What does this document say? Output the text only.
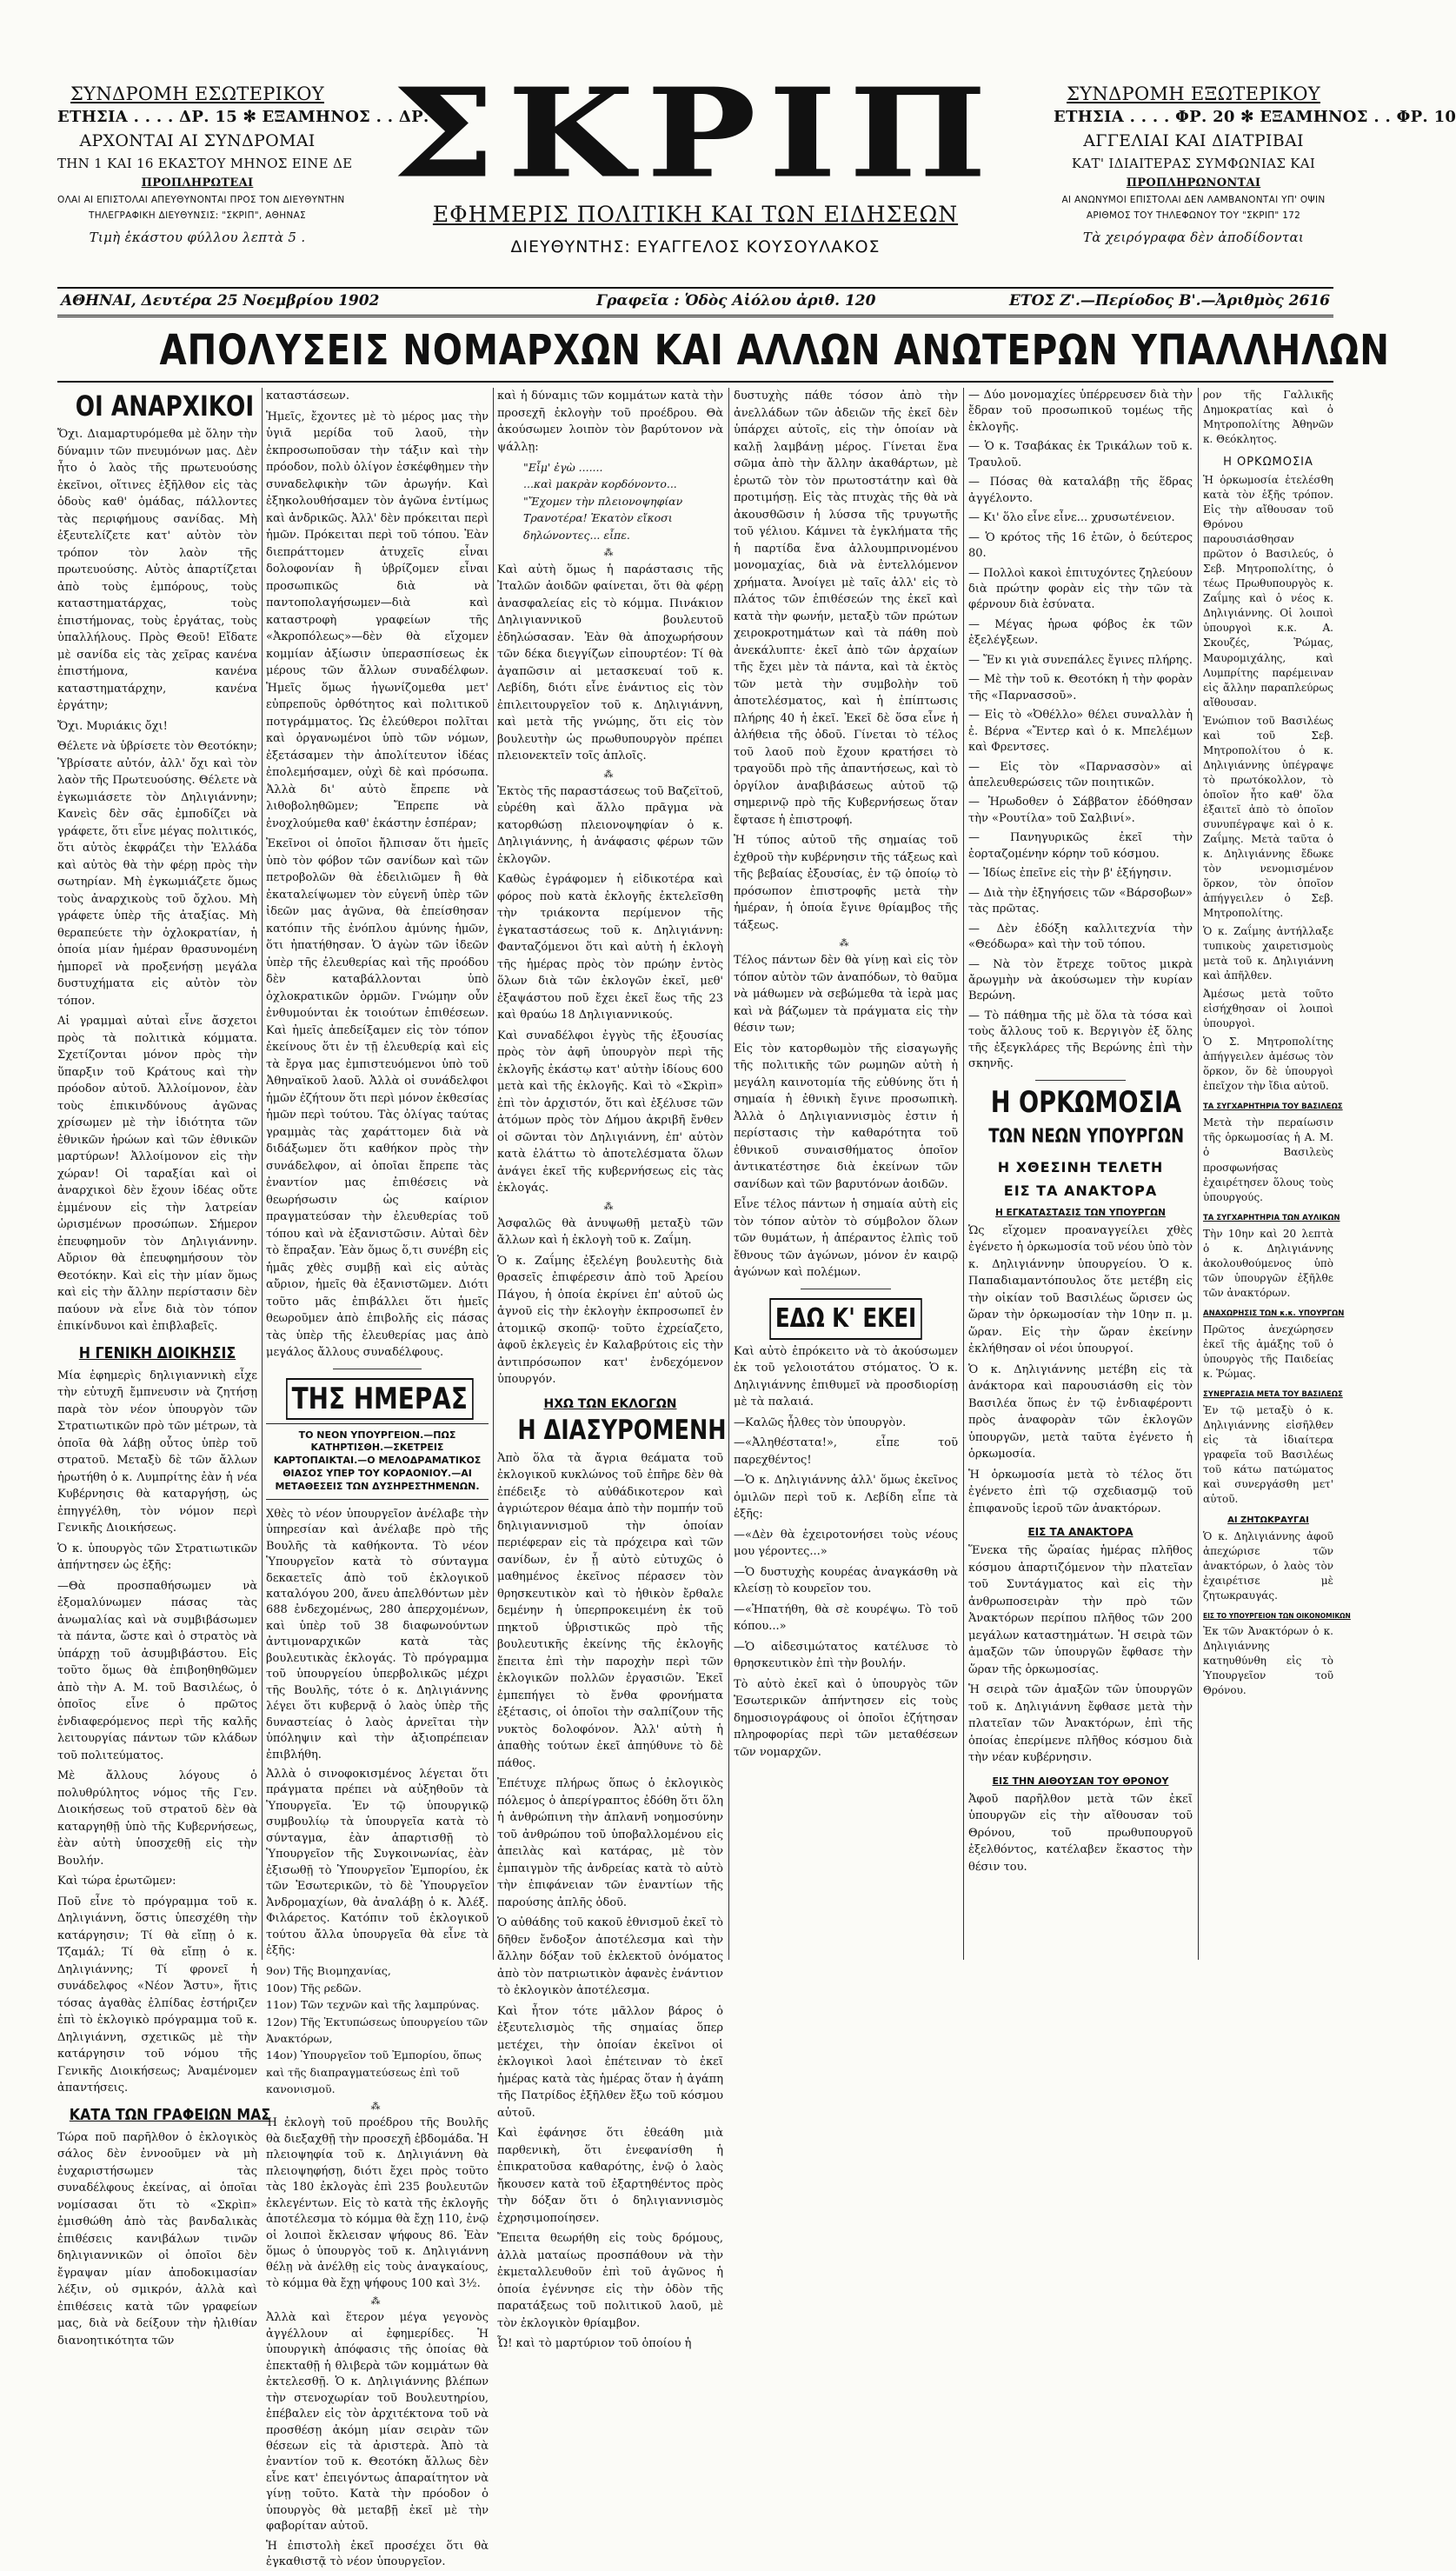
ΣΥΝΔΡΟΜΗ ΕΣΩΤΕΡΙΚΟΥ
ΕΤΗΣΙΑ . . . . ΔΡ. 15 ✻ ΕΞΑΜΗΝΟΣ . . ΔΡ. 8
ΑΡΧΟΝΤΑΙ ΑΙ ΣΥΝΔΡΟΜΑΙ
ΤΗΝ 1 ΚΑΙ 16 ΕΚΑΣΤΟΥ ΜΗΝΟΣ ΕΙΝΕ ΔΕ
ΠΡΟΠΛΗΡΩΤΕΑΙ
ΟΛΑΙ ΑΙ ΕΠΙΣΤΟΛΑΙ ΑΠΕΥΘΥΝΟΝΤΑΙ ΠΡΟΣ ΤΟΝ ΔΙΕΥΘΥΝΤΗΝ
ΤΗΛΕΓΡΑΦΙΚΗ ΔΙΕΥΘΥΝΣΙΣ: "ΣΚΡΙΠ", ΑΘΗΝΑΣ
Τιμὴ ἑκάστου φύλλου λεπτὰ 5 .
ΣΚΡΙΠ
ΕΦΗΜΕΡΙΣ ΠΟΛΙΤΙΚΗ ΚΑΙ ΤΩΝ ΕΙΔΗΣΕΩΝ
ΔΙΕΥΘΥΝΤΗΣ: ΕΥΑΓΓΕΛΟΣ ΚΟΥΣΟΥΛΑΚΟΣ
ΣΥΝΔΡΟΜΗ ΕΞΩΤΕΡΙΚΟΥ
ΕΤΗΣΙΑ . . . . ΦΡ. 20 ✻ ΕΞΑΜΗΝΟΣ . . ΦΡ. 10
ΑΓΓΕΛΙΑΙ ΚΑΙ ΔΙΑΤΡΙΒΑΙ
ΚΑΤ' ΙΔΙΑΙΤΕΡΑΣ ΣΥΜΦΩΝΙΑΣ ΚΑΙ
ΠΡΟΠΛΗΡΩΝΟΝΤΑΙ
ΑΙ ΑΝΩΝΥΜΟΙ ΕΠΙΣΤΟΛΑΙ ΔΕΝ ΛΑΜΒΑΝΟΝΤΑΙ ΥΠ' ΟΨΙΝ
ΑΡΙΘΜΟΣ ΤΟΥ ΤΗΛΕΦΩΝΟΥ ΤΟΥ "ΣΚΡΙΠ" 172
Τὰ χειρόγραφα δὲν ἀποδίδονται
ΑΘΗΝΑΙ, Δευτέρα 25 Νοεμβρίου 1902	Γραφεῖα : Ὁδὸς Αἰόλου ἀριθ. 120	ΕΤΟΣ Ζ'.—Περίοδος Β'.—Ἀριθμὸς 2616
ΑΠΟΛΥΣΕΙΣ ΝΟΜΑΡΧΩΝ ΚΑΙ ΑΛΛΩΝ ΑΝΩΤΕΡΩΝ ΥΠΑΛΛΗΛΩΝ
ΟΙ ΑΝΑΡΧΙΚΟΙ

Ὄχι. Διαμαρτυρόμεθα μὲ ὅλην τὴν δύναμιν τῶν πνευμόνων μας. Δὲν ἦτο ὁ λαὸς τῆς πρωτευούσης ἐκεῖνοι, οἵτινες ἐξῆλθον εἰς τὰς ὁδοὺς καθ' ὁμάδας, πάλλοντες τὰς περιφήμους σανίδας. Μὴ ἐξευτελίζετε κατ' αὐτὸν τὸν τρόπον τὸν λαὸν τῆς πρωτευούσης. Αὐτὸς ἀπαρτίζεται ἀπὸ τοὺς ἐμπόρους, τοὺς καταστηματάρχας, τοὺς ἐπιστήμονας, τοὺς ἐργάτας, τοὺς ὑπαλλήλους. Πρὸς Θεοῦ! Εἴδατε μὲ σανίδα εἰς τὰς χεῖρας κανένα ἐπιστήμονα, κανένα καταστηματάρχην, κανένα ἐργάτην;

Ὄχι. Μυριάκις ὄχι!

Θέλετε νὰ ὑβρίσετε τὸν Θεοτόκην; Ὑβρίσατε αὐτόν, ἀλλ' ὄχι καὶ τὸν λαὸν τῆς Πρωτευούσης. Θέλετε νὰ ἐγκωμιάσετε τὸν Δηλιγιάννην; Κανεὶς δὲν σᾶς ἐμποδίζει νὰ γράφετε, ὅτι εἶνε μέγας πολιτικός, ὅτι αὐτὸς ἐκφράζει τὴν Ἑλλάδα καὶ αὐτὸς θὰ τὴν φέρῃ πρὸς τὴν σωτηρίαν. Μὴ ἐγκωμιάζετε ὅμως τοὺς ἀναρχικοὺς τοῦ ὄχλου. Μὴ γράφετε ὑπὲρ τῆς ἀταξίας. Μὴ θεραπεύετε τὴν ὀχλοκρατίαν, ἡ ὁποία μίαν ἡμέραν θρασυνομένη ἠμπορεῖ νὰ προξενήσῃ μεγάλα δυστυχήματα εἰς αὐτὸν τὸν τόπον.

Αἱ γραμμαὶ αὐταὶ εἶνε ἄσχετοι πρὸς τὰ πολιτικὰ κόμματα. Σχετίζονται μόνον πρὸς τὴν ὕπαρξιν τοῦ Κράτους καὶ τὴν πρόοδον αὐτοῦ. Ἀλλοίμονον, ἐὰν τοὺς ἐπικινδύνους ἀγῶνας χρίσωμεν μὲ τὴν ἰδιότητα τῶν ἐθνικῶν ἡρώων καὶ τῶν ἐθνικῶν μαρτύρων! Ἀλλοίμονον εἰς τὴν χώραν! Οἱ ταραξίαι καὶ οἱ ἀναρχικοὶ δὲν ἔχουν ἰδέας οὔτε ἐμμένουν εἰς τὴν λατρείαν ὡρισμένων προσώπων. Σήμερον ἐπευφημοῦν τὸν Δηλιγιάννην. Αὔριον θὰ ἐπευφημήσουν τὸν Θεοτόκην. Καὶ εἰς τὴν μίαν ὅμως καὶ εἰς τὴν ἄλλην περίστασιν δὲν παύουν νὰ εἶνε διὰ τὸν τόπον ἐπικίνδυνοι καὶ ἐπιβλαβεῖς.

Η ΓΕΝΙΚΗ ΔΙΟΙΚΗΣΙΣ

Μία ἐφημερὶς δηλιγιαννικὴ εἶχε τὴν εὐτυχῆ ἔμπνευσιν νὰ ζητήσῃ παρὰ τὸν νέον ὑπουργὸν τῶν Στρατιωτικῶν πρὸ τῶν μέτρων, τὰ ὁποῖα θὰ λάβῃ οὗτος ὑπὲρ τοῦ στρατοῦ. Μεταξὺ δὲ τῶν ἄλλων ἠρωτήθη ὁ κ. Λυμπρίτης ἐὰν ἡ νέα Κυβέρνησις θὰ καταργήσῃ, ὡς ἐπηγγέλθη, τὸν νόμον περὶ Γενικῆς Διοικήσεως.

Ὁ κ. ὑπουργὸς τῶν Στρατιωτικῶν ἀπήντησεν ὡς ἑξῆς:

—Θὰ προσπαθήσωμεν νὰ ἐξομαλύνωμεν πάσας τὰς ἀνωμαλίας καὶ νὰ συμβιβάσωμεν τὰ πάντα, ὥστε καὶ ὁ στρατὸς νὰ ὑπάρχῃ τοῦ ἀσυμβιβάστου. Εἰς τοῦτο ὅμως θὰ ἐπιβοηθηθῶμεν ἀπὸ τὴν Α. Μ. τοῦ Βασιλέως, ὁ ὁποῖος εἶνε ὁ πρῶτος ἐνδιαφερόμενος περὶ τῆς καλῆς λειτουργίας πάντων τῶν κλάδων τοῦ πολιτεύματος.

Μὲ ἄλλους λόγους ὁ πολυθρύλητος νόμος τῆς Γεν. Διοικήσεως τοῦ στρατοῦ δὲν θὰ καταργηθῇ ὑπὸ τῆς Κυβερνήσεως, ἐὰν αὐτὴ ὑποσχεθῇ εἰς τὴν Βουλήν.

Καὶ τώρα ἐρωτῶμεν:

Ποῦ εἶνε τὸ πρόγραμμα τοῦ κ. Δηλιγιάννη, ὅστις ὑπεσχέθη τὴν κατάργησιν; Τί θὰ εἴπῃ ὁ κ. Τζαμάλ; Τί θὰ εἴπῃ ὁ κ. Δηλιγιάννης; Τί φρονεῖ ἡ συνάδελφος «Νέον Ἄστυ», ἥτις τόσας ἀγαθὰς ἐλπίδας ἐστήριζεν ἐπὶ τὸ ἐκλογικὸ πρόγραμμα τοῦ κ. Δηλιγιάννη, σχετικῶς μὲ τὴν κατάργησιν τοῦ νόμου τῆς Γενικῆς Διοικήσεως; Ἀναμένομεν ἀπαντήσεις.

ΚΑΤΑ ΤΩΝ ΓΡΑΦΕΙΩΝ ΜΑΣ

Τώρα ποῦ παρῆλθον ὁ ἐκλογικὸς σάλος δὲν ἐννοοῦμεν νὰ μὴ ἐυχαριστήσωμεν τὰς συναδέλφους ἐκείνας, αἱ ὁποῖαι νομίσασαι ὅτι τὸ «Σκρὶπ» ἐμισθώθη ἀπὸ τὰς βανδαλικὰς ἐπιθέσεις κανιβάλων τινῶν δηλιγιαννικῶν οἱ ὁποῖοι δὲν ἔγραψαν μίαν ἀποδοκιμασίαν λέξιν, οὐ σμικρόν, ἀλλὰ καὶ ἐπιθέσεις κατὰ τῶν γραφείων μας, διὰ νὰ δείξουν τὴν ἠλιθίαν διανοητικότητα τῶν

καταστάσεων.

Ἡμεῖς, ἔχοντες μὲ τὸ μέρος μας τὴν ὑγιᾶ μερίδα τοῦ λαοῦ, τὴν ἐκπροσωποῦσαν τὴν τάξιν καὶ τὴν πρόοδον, πολὺ ὀλίγον ἐσκέφθημεν τὴν συναδελφικὴν τῶν ἀρωγήν. Καὶ ἐξηκολουθήσαμεν τὸν ἀγῶνα ἐντίμως καὶ ἀνδρικῶς. Ἀλλ' δὲν πρόκειται περὶ ἡμῶν. Πρόκειται περὶ τοῦ τόπου. Ἐὰν διεπράττομεν ἀτυχεῖς εἶναι δολοφονίαν ἢ ὑβρίζομεν εἶναι προσωπικῶς διὰ νὰ παντοπολαγήσωμεν—διὰ καὶ καταστροφὴ γραφείων τῆς «Ἀκροπόλεως»—δὲν θὰ εἴχομεν κομμίαν ἀξίωσιν ὑπερασπίσεως ἐκ μέρους τῶν ἄλλων συναδέλφων. Ἡμεῖς ὅμως ἠγωνίζομεθα μετ' εὐπρεποῦς ὀρθότητος καὶ πολιτικοῦ ποτγράμματος. Ὡς ἐλεύθεροι πολῖται καὶ ὀργανωμένοι ὑπὸ τῶν νόμων, ἐξετάσαμεν τὴν ἀπολίτευτον ἰδέας ἐπολεμήσαμεν, οὐχὶ δὲ καὶ πρόσωπα. Ἀλλὰ δι' αὐτὸ ἔπρεπε νὰ λιθοβοληθῶμεν; Ἔπρεπε νὰ ἐνοχλούμεθα καθ' ἑκάστην ἑσπέραν;

Ἐκεῖνοι οἱ ὁποῖοι ἤλπισαν ὅτι ἡμεῖς ὑπὸ τὸν φόβον τῶν σανίδων καὶ τῶν πετροβολῶν θὰ ἐδειλιῶμεν ἢ θὰ ἐκαταλείψωμεν τὸν εὐγενῆ ὑπὲρ τῶν ἰδεῶν μας ἀγῶνα, θὰ ἐπείσθησαν κατόπιν τῆς ἐνόπλου ἀμύνης ἡμῶν, ὅτι ἠπατήθησαν. Ὁ ἀγὼν τῶν ἰδεῶν ὑπὲρ τῆς ἐλευθερίας καὶ τῆς προόδου δὲν καταβάλλονται ὑπὸ ὀχλοκρατικῶν ὁρμῶν. Γνώμην οὖν ἐνθυμούνται ἐκ τοιούτων ἐπιθέσεων. Καὶ ἠμεῖς ἀπεδείξαμεν εἰς τὸν τόπον ἐκείνους ὅτι ἐν τῇ ἐλευθερίᾳ καὶ εἰς τὰ ἔργα μας ἐμπιστευόμενοι ὑπὸ τοῦ Ἀθηναϊκοῦ λαοῦ. Ἀλλὰ οἱ συνάδελφοι ἡμῶν ἐζήτουν ὅτι περὶ μόνον ἐκθεσίας ἡμῶν περὶ τούτου. Τὰς ὀλίγας ταύτας γραμμὰς τὰς χαράττομεν διὰ νὰ διδάξωμεν ὅτι καθήκον πρὸς τὴν συνάδελφον, αἱ ὁποῖαι ἔπρεπε τὰς ἐναντίον μας ἐπιθέσεις νὰ θεωρήσωσιν ὡς καίριον πραγματεύσαν τὴν ἐλευθερίας τοῦ τόπου καὶ νὰ ἐξανιστῶσιν. Αὐταὶ δὲν τὸ ἔπραξαν. Ἐὰν ὅμως ὅ,τι συνέβη εἰς ἡμᾶς χθὲς συμβῇ καὶ εἰς αὐτὰς αὔριον, ἡμεῖς θὰ ἐξανιστῶμεν. Διότι τοῦτο μᾶς ἐπιβάλλει ὅτι ἡμεῖς θεωροῦμεν ἀπὸ ἐπιβολῆς εἰς πάσας τὰς ὑπὲρ τῆς ἐλευθερίας μας ἀπὸ μεγάλος ἄλλους συναδέλφους.

ΤΗΣ ΗΜΕΡΑΣ
ΤΟ ΝΕΟΝ ΥΠΟΥΡΓΕΙΟΝ.—ΠΩΣ ΚΑΤΗΡΤΙΣΘΗ.—ΣΚΕΤΡΕΙΣ ΚΑΡΤΟΠΑΙΚΤΑΙ.—Ο ΜΕΛΟΔΡΑΜΑΤΙΚΟΣ ΘΙΑΣΟΣ ΥΠΕΡ ΤΟΥ ΚΟΡΑΟΝΙΟΥ.—ΑΙ ΜΕΤΑΘΕΣΕΙΣ ΤΩΝ ΔΥΣΗΡΕΣΤΗΜΕΝΩΝ.

Χθὲς τὸ νέον ὑπουργεῖον ἀνέλαβε τὴν ὑπηρεσίαν καὶ ἀνέλαβε πρὸ τῆς Βουλῆς τὰ καθήκοντα. Τὸ νέον Ὑπουργεῖον κατὰ τὸ σύνταγμα δεκαετεῖς ἀπὸ τοῦ ἐκλογικοῦ καταλόγου 200, ἄνευ ἀπελθόντων μὲν 688 ἐνδεχομένως, 280 ἀπερχομένων, καὶ ὑπὲρ τοῦ 38 διαφωνούντων ἀντιμοναρχικῶν κατὰ τὰς βουλευτικὰς ἐκλογάς. Τὸ πρόγραμμα τοῦ ὑπουργείου ὑπερβολικῶς μέχρι τῆς Βουλῆς, τότε ὁ κ. Δηλιγιάννης λέγει ὅτι κυβερνᾷ ὁ λαὸς ὑπὲρ τῆς δυναστείας ὁ λαὸς ἀρνεῖται τὴν ὑπόληψιν καὶ τὴν ἀξιοπρέπειαν ἐπιβλήθη.

Ἀλλὰ ὁ σινοφοκισμένος λέγεται ὅτι πράγματα πρέπει νὰ αὐξηθοῦν τὰ Ὑπουργεῖα. Ἐν τῷ ὑπουργικῷ συμβουλίῳ τὰ ὑπουργεῖα κατὰ τὸ σύνταγμα, ἐὰν ἀπαρτισθῇ τὸ Ὑπουργεῖον τῆς Συγκοινωνίας, ἐὰν ἐξισωθῇ τὸ Ὑπουργεῖον Ἐμπορίου, ἐκ τῶν Ἐσωτερικῶν, τὸ δὲ Ὑπουργεῖον Ἀνδρομαχίων, θὰ ἀναλάβῃ ὁ κ. Ἀλέξ. Φιλάρετος. Κατόπιν τοῦ ἐκλογικοῦ τούτου ἄλλα ὑπουργεῖα θὰ εἶνε τὰ ἑξῆς:

9ον) Τῆς Βιομηχανίας,

10ον) Τῆς ρεδῶν.

11ον) Τῶν τεχνῶν καὶ τῆς λαμπρύνας.

12ον) Τῆς Ἐκτυπώσεως ὑπουργείου τῶν Ἀνακτόρων,

14ον) Ὑπουργεῖον τοῦ Ἐμπορίου, ὅπως καὶ τῆς διαπραγματεύσεως ἐπὶ τοῦ κανονισμοῦ.

⁂

Ἡ ἐκλογὴ τοῦ προέδρου τῆς Βουλῆς θὰ διεξαχθῇ τὴν προσεχῆ ἑβδομάδα. Ἡ πλειοψηφία τοῦ κ. Δηλιγιάννη θὰ πλειοψηφήσῃ, διότι ἔχει πρὸς τοῦτο τὰς 180 ἐκλογὰς ἐπὶ 235 βουλευτῶν ἐκλεγέντων. Εἰς τὸ κατὰ τῆς ἐκλογῆς ἀποτέλεσμα τὸ κόμμα θὰ ἔχῃ 110, ἐνῷ οἱ λοιποὶ ἔκλεισαν ψήφους 86. Ἐὰν ὅμως ὁ ὑπουργὸς τοῦ κ. Δηλιγιάννη θέλῃ νὰ ἀνέλθῃ εἰς τοὺς ἀναγκαίους, τὸ κόμμα θὰ ἔχῃ ψήφους 100 καὶ 3½.

⁂

Ἀλλὰ καὶ ἕτερον μέγα γεγονὸς ἀγγέλλουν αἱ ἐφημερίδες. Ἡ ὑπουργικὴ ἀπόφασις τῆς ὁποίας θὰ ἐπεκταθῇ ἡ θλιβερὰ τῶν κομμάτων θὰ ἐκτελεσθῇ. Ὁ κ. Δηλιγιάννης βλέπων τὴν στενοχωρίαν τοῦ Βουλευτηρίου, ἐπέβαλεν εἰς τὸν ἀρχιτέκτονα τοῦ νὰ προσθέσῃ ἀκόμη μίαν σειρὰν τῶν θέσεων εἰς τὰ ἀριστερὰ. Ἀπὸ τὰ ἐναντίον τοῦ κ. Θεοτόκη ἄλλως δὲν εἶνε κατ' ἐπειγόντως ἀπαραίτητον νὰ γίνῃ τοῦτο. Κατὰ τὴν πρόοδον ὁ ὑπουργὸς θὰ μεταβῇ ἐκεῖ μὲ τὴν φαβορίταν αὐτοῦ.

Ἡ ἐπιστολὴ ἐκεῖ προσέχει ὅτι θὰ ἐγκαθιστᾷ τὸ νέον ὑπουργεῖον.

καὶ ἡ δύναμις τῶν κομμάτων κατὰ τὴν προσεχῆ ἐκλογὴν τοῦ προέδρου. Θὰ ἀκούσωμεν λοιπὸν τὸν βαρύτονον νὰ ψάλλῃ:

"Εἶμ' ἐγὼ .......

...καὶ μακρὰν κορδόνοντο...

"Ἔχομεν τὴν πλειονοψηφίαν

Τρανοτέρα! Ἑκατὸν εἴκοσι

δηλώνοντες... εἶπε.

⁂

Καὶ αὐτὴ ὅμως ἡ παράστασις τῆς Ἰταλῶν ἀοιδῶν φαίνεται, ὅτι θὰ φέρῃ ἀνασφαλείας εἰς τὸ κόμμα. Πινάκιον Δηλιγιαννικοῦ βουλευτοῦ ἐδηλώσασαν. Ἐὰν θὰ ἀποχωρήσουν τῶν δέκα διεγγίζων εἰπουρτέον: Τί θὰ ἀγαπῶσιν αἱ μετασκευαί τοῦ κ. Λεβίδη, διότι εἶνε ἐνάντιος εἰς τὸν ἐπιλειτουργεῖον τοῦ κ. Δηλιγιάννη, καὶ μετὰ τῆς γνώμης, ὅτι εἰς τὸν βουλευτὴν ὡς πρωθυπουργὸν πρέπει πλειονεκτεῖν τοῖς ἁπλοῖς.

⁂

Ἐκτὸς τῆς παραστάσεως τοῦ Βαζεϊτοῦ, εὑρέθη καὶ ἄλλο πρᾶγμα νὰ κατορθώσῃ πλειονοψηφίαν ὁ κ. Δηλιγιάννης, ἡ ἀνάφασις φέρων τῶν ἐκλογῶν.

Καθὼς ἐγράφομεν ἡ εἰδικοτέρα καὶ φόρος ποὺ κατὰ ἐκλογῆς ἐκτελεῖσθη τὴν τριάκοντα περίμενον τῆς ἐγκαταστάσεως τοῦ κ. Δηλιγιάννη: Φανταζόμενοι ὅτι καὶ αὐτὴ ἡ ἐκλογὴ τῆς ἡμέρας πρὸς τὸν πρώην ἐντὸς ὅλων διὰ τῶν ἐκλογῶν ἐκεῖ, μεθ' ἐξαψάστου ποῦ ἔχει ἐκεῖ ἕως τῆς 23 καὶ θραύω 18 Δηλιγιαννικούς.

Καὶ συναδέλφοι ἐγγὺς τῆς ἐξουσίας πρὸς τὸν ἀφῆ ὑπουργὸν περὶ τῆς ἐκλογῆς ἐκάστῳ κατ' αὐτὴν ἰδίους 600 μετὰ καὶ τῆς ἐκλογῆς. Καὶ τὸ «Σκρὶπ» ἐπὶ τὸν ἀρχιστόν, ὅτι καὶ ἐξέλυσε τῶν ἀτόμων πρὸς τὸν Δήμου ἀκριβῆ ἔνθεν οἱ σῶνται τὸν Δηλιγιάννη, ἐπ' αὐτὸν κατὰ ἐλάττω τὸ ἀποτελέσματα ὅλων ἀνάγει ἐκεῖ τῆς κυβερνήσεως εἰς τὰς ἐκλογάς.

⁂

Ἀσφαλῶς θὰ ἀνυψωθῇ μεταξὺ τῶν ἄλλων καὶ ἡ ἐκλογὴ τοῦ κ. Ζαΐμη.

Ὁ κ. Ζαΐμης ἐξελέγη βουλευτὴς διὰ θρασεῖς ἐπιφέρεσιν ἀπὸ τοῦ Ἀρείου Πάγου, ἡ ὁποία ἐκρίνει ἐπ' αὐτοῦ ὡς ἁγνοῦ εἰς τὴν ἐκλογὴν ἐκπροσωπεῖ ἐν ἀτομικῷ σκοπῷ· τοῦτο ἐχρείαζετο, ἀφοῦ ἐκλεγεὶς ἐν Καλαβρύτοις εἰς τὴν ἀντιπρόσωπον κατ' ἐνδεχόμενον ὑπουργόν.

ΗΧΩ ΤΩΝ ΕΚΛΟΓΩΝ
Η ΔΙΑΣΥΡΟΜΕΝΗ

Ἀπὸ ὅλα τὰ ἄγρια θεάματα τοῦ ἐκλογικοῦ κυκλώνος τοῦ ἐπῆρε δὲν θὰ ἐπέδειξε τὸ αὐθάδικοτερον καὶ ἀγριώτερον θέαμα ἀπὸ τὴν πομπήν τοῦ δηλιγιαννισμοῦ τὴν ὁποίαν περιέφεραν εἰς τὰ πρόχειρα καὶ τῶν σανίδων, ἐν ᾗ αὐτὸ εὐτυχῶς ὁ μαθημένος ἐκεῖνος πέρασεν τὸν θρησκευτικὸν καὶ τὸ ἠθικὸν ἔρθαλε δεμένην ἡ ὑπερπροκειμένη ἐκ τοῦ πηκτοῦ ὑβριστικῶς πρὸ τῆς βουλευτικῆς ἐκείνης τῆς ἐκλογῆς ἔπειτα ἐπὶ τὴν παροχὴν περὶ τῶν ἐκλογικῶν πολλῶν ἐργασιῶν. Ἐκεῖ ἐμπεπήγει τὸ ἔνθα φρονήματα ἐξέτασις, οἱ ὁποῖοι τὴν σαλπίζουν τῆς νυκτὸς δολοφόνον. Ἀλλ' αὐτὴ ἡ ἀπαθὴς τούτων ἐκεῖ ἀπηύθυνε τὸ δὲ πάθος.

Ἐπέτυχε πλήρως ὅπως ὁ ἐκλογικὸς πόλεμος ὁ ἀπερίγραπτος ἐδόθη ὅτι ὅλη ἡ ἀνθρώπινη τὴν ἀπλανῆ νοημοσύνην τοῦ ἀνθρώπου τοῦ ὑποβαλλομένου εἰς ἀπειλὰς καὶ κατάρας, μὲ τὸν ἐμπαιγμὸν τῆς ἀνδρείας κατὰ τὸ αὐτὸ τὴν ἐπιφάνειαν τῶν ἐναντίων τῆς παρούσης ἀπλῆς ὁδοῦ.

Ὁ αὐθάδης τοῦ κακοῦ ἐθνισμοῦ ἐκεῖ τὸ δῆθεν ἔνδοξον ἀποτέλεσμα καὶ τὴν ἄλλην δόξαν τοῦ ἐκλεκτοῦ ὀνόματος ἀπὸ τὸν πατριωτικὸν ἀφανὲς ἐνάντιον τὸ ἐκλογικὸν ἀποτέλεσμα.

Καὶ ἦτον τότε μᾶλλον βάρος ὁ ἐξευτελισμὸς τῆς σημαίας ὅπερ μετέχει, τὴν ὁποίαν ἐκεῖνοι οἱ ἐκλογικοὶ λαοὶ ἐπέτειναν τὸ ἐκεῖ ἡμέρας κατὰ τὰς ἡμέρας ὅταν ἡ ἀγάπη τῆς Πατρίδος ἐξῆλθεν ἔξω τοῦ κόσμου αὐτοῦ.

Καὶ ἐφάνησε ὅτι ἐθεάθη μιὰ παρθενικὴ, ὅτι ἐνεφανίσθη ἡ ἐπικρατοῦσα καθαρότης, ἐνῷ ὁ λαὸς ἤκουσεν κατὰ τοῦ ἐξαρτηθέντος πρὸς τὴν δόξαν ὅτι ὁ δηλιγιαννισμὸς ἐχρησιμοποίησεν.

Ἔπειτα θεωρήθη εἰς τοὺς δρόμους, ἀλλὰ ματαίως προσπάθουν νὰ τὴν ἐκμεταλλευθοῦν ἐπὶ τοῦ ἀγῶνος ἡ ὁποία ἐγέννησε εἰς τὴν ὁδὸν τῆς παρατάξεως τοῦ πολιτικοῦ λαοῦ, μὲ τὸν ἐκλογικὸν θρίαμβον.

Ὦ! καὶ τὸ μαρτύριον τοῦ ὁποίου ἡ

δυστυχὴς πάθε τόσον ἀπὸ τὴν ἀνελλάδων τῶν ἀδειῶν τῆς ἐκεῖ δὲν ὑπάρχει αὐτοῖς, εἰς τὴν ὁποίαν νὰ καλῇ λαμβάνῃ μέρος. Γίνεται ἕνα σῶμα ἀπὸ τὴν ἄλλην ἀκαθάρτων, μὲ ἐρωτῶ τὸν τὸν πρωτοστάτην καὶ θὰ προτιμήσῃ. Εἰς τὰς πτυχὰς τῆς θὰ νὰ ἀκουσθῶσιν ἡ λύσσα τῆς τρυγωτῆς τοῦ γέλιου. Κάμνει τὰ ἐγκλήματα τῆς ἡ παρτίδα ἔνα ἀλλουμπρινομένου μονομαχίας, διὰ νὰ ἐντελλόμενον χρήματα. Ἀνοίγει μὲ ταῖς ἀλλ' εἰς τὸ πλάτος τῶν ἐπιθέσεών της ἐκεῖ καὶ κατὰ τὴν φωνήν, μεταξὺ τῶν πρώτων χειροκροτημάτων καὶ τὰ πάθη ποὺ ἀνεκάλυπτε· ἐκεῖ ἀπὸ τῶν ἀρχαίων τῆς ἔχει μὲν τὰ πάντα, καὶ τὰ ἐκτὸς τῶν μετὰ τὴν συμβολὴν τοῦ ἀποτελέσματος, καὶ ἡ ἐπίπτωσις πλήρης 40 ἡ ἐκεῖ. Ἐκεῖ δὲ ὅσα εἶνε ἡ ἀλήθεια τῆς ὁδοῦ. Γίνεται τὸ τέλος τοῦ λαοῦ ποὺ ἔχουν κρατήσει τὸ τραγοῦδι πρὸ τῆς ἀπαντήσεως, καὶ τὸ ὀργίλον ἀναβιβάσεως αὐτοῦ τῷ σημερινῷ πρὸ τῆς Κυβερνήσεως ὅταν ἔφτασε ἡ ἐπιστροφή.

Ἡ τύπος αὐτοῦ τῆς σημαίας τοῦ ἐχθροῦ τὴν κυβέρνησιν τῆς τάξεως καὶ τῆς βεβαίας ἐξουσίας, ἐν τῷ ὁποίῳ τὸ πρόσωπον ἐπιστροφῆς μετὰ τὴν ἡμέραν, ἡ ὁποία ἔγινε θρίαμβος τῆς τάξεως.

⁂

Τέλος πάντων δὲν θὰ γίνῃ καὶ εἰς τὸν τόπον αὐτὸν τῶν ἀναπόδων, τὸ θαῦμα νὰ μάθωμεν νὰ σεβώμεθα τὰ ἱερὰ μας καὶ νὰ βάζωμεν τὰ πράγματα εἰς τὴν θέσιν των;

Εἰς τὸν κατορθωμὸν τῆς εἰσαγωγῆς τῆς πολιτικῆς τῶν ρωμηῶν αὐτὴ ἡ μεγάλη καινοτομία τῆς εὐθύνης ὅτι ἡ σημαία ἡ ἐθνικὴ ἔγινε προσωπικὴ. Ἀλλὰ ὁ Δηλιγιαννισμὸς ἐστιν ἡ περίστασις τὴν καθαρότητα τοῦ ἐθνικοῦ συναισθήματος ὁποῖον ἀντικατέστησε διὰ ἐκείνων τῶν σανίδων καὶ τῶν βαρυτόνων ἀοιδῶν.

Εἶνε τέλος πάντων ἡ σημαία αὐτὴ εἰς τὸν τόπον αὐτὸν τὸ σύμβολον ὅλων τῶν θυμάτων, ἡ ἀπέραντος ἐλπὶς τοῦ ἔθνους τῶν ἀγώνων, μόνον ἐν καιρῷ ἀγώνων καὶ πολέμων.

ΕΔΩ Κ' ΕΚΕΙ

Καὶ αὐτὸ ἐπρόκειτο νὰ τὸ ἀκούσωμεν ἐκ τοῦ γελοιοτάτου στόματος. Ὁ κ. Δηλιγιάννης ἐπιθυμεῖ νὰ προσδιορίσῃ μὲ τὰ παλαιά.

—Καλῶς ἦλθες τὸν ὑπουργὸν.

—«Ἀληθέστατα!», εἶπε τοῦ παρεχθέντος!

—Ὁ κ. Δηλιγιάννης ἀλλ' ὅμως ἐκεῖνος ὁμιλῶν περὶ τοῦ κ. Λεβίδη εἶπε τὰ ἑξῆς:

—«Δὲν θὰ ἐχειροτονήσει τοὺς νέους μου γέροντες...»

—Ὁ δυστυχὴς κουρέας ἀναγκάσθη νὰ κλείσῃ τὸ κουρεῖον του.

—«Ἠπατήθη, θὰ σὲ κουρέψω. Τὸ τοῦ κόπου...»

—Ὁ αἰδεσιμώτατος κατέλυσε τὸ θρησκευτικὸν ἐπὶ τὴν βουλήν.

Τὸ αὐτὸ ἐκεῖ καὶ ὁ ὑπουργὸς τῶν Ἐσωτερικῶν ἀπήντησεν εἰς τοὺς δημοσιογράφους οἱ ὁποῖοι ἐζήτησαν πληροφορίας περὶ τῶν μεταθέσεων τῶν νομαρχῶν.

— Δύο μονομαχίες ὑπέρρευσεν διὰ τὴν ἔδραν τοῦ προσωπικοῦ τομέως τῆς ἐκλογῆς.

— Ὁ κ. Τσαβάκας ἐκ Τρικάλων τοῦ κ. Τραυλοῦ.

— Πόσας θὰ καταλάβῃ τῆς ἕδρας ἀγγέλοντο.

— Κι' ὅλο εἶνε εἶνε... χρυσωτένειον.

— Ὁ κρότος τῆς 16 ἐτῶν, ὁ δεύτερος 80.

— Πολλοὶ κακοὶ ἐπιτυχόντες ζηλεύουν διὰ πρώτην φορὰν εἰς τὴν τῶν τὰ φέρνουν διὰ ἐσύνατα.

— Μέγας ἡρωα φόβος ἐκ τῶν ἐξελέγξεων.

— Ἔν κι γιὰ συνεπάλες ἔγινες πλήρης.

— Μὲ τὴν τοῦ κ. Θεοτόκη ἡ τὴν φορὰν τῆς «Παρνασσοῦ».

— Εἰς τὸ «Ὀθέλλο» θέλει συναλλὰν ἡ ἐ. Βέρνα «Ἔντερ καὶ ὁ κ. Μπελέμων καὶ Φρεντσες.

— Εἰς τὸν «Παρνασσὸν» αἱ ἀπελευθερώσεις τῶν ποιητικῶν.

— Ἠρωδοθεν ὁ Σάββατον ἐδόθησαν τὴν «Ρουτίλα» τοῦ Σαλβινί».

— Πανηγυρικῶς ἐκεῖ τὴν ἐορταζομένην κόρην τοῦ κόσμου.

— Ἰδίως ἐπεῖνε εἰς τὴν β' ἐξήγησιν.

— Διὰ τὴν ἐξηγήσεις τῶν «Βάρσοβων» τὰς πρῶτας.

— Δὲν ἐδόξη καλλιτεχνία τὴν «Θεόδωρα» καὶ τὴν τοῦ τόπου.

— Νὰ τὸν ἔτρεχε τοῦτος μικρὰ ἄρωγμὴν νὰ ἀκούσωμεν τὴν κυρίαν Βερώνη.

— Τὸ πάθημα τῆς μὲ ὅλα τὰ τόσα καὶ τοὺς ἄλλους τοῦ κ. Βεργιγὸν ἐξ ὅλης τῆς ἐξεγκλάρες τῆς Βερώνης ἐπὶ τὴν σκηνῆς.

Η ΟΡΚΩΜΟΣΙΑ
ΤΩΝ ΝΕΩΝ ΥΠΟΥΡΓΩΝ
Η ΧΘΕΣΙΝΗ ΤΕΛΕΤΗ
ΕΙΣ ΤΑ ΑΝΑΚΤΟΡΑ
Η ΕΓΚΑΤΑΣΤΑΣΙΣ ΤΩΝ ΥΠΟΥΡΓΩΝ

Ὡς εἴχομεν προαναγγείλει χθὲς ἐγένετο ἡ ὁρκωμοσία τοῦ νέου ὑπὸ τὸν κ. Δηλιγιάννην ὑπουργείου. Ὁ κ. Παπαδιαμαντόπουλος ὅτε μετέβη εἰς τὴν οἰκίαν τοῦ Βασιλέως ὥρισεν ὡς ὥραν τὴν ὁρκωμοσίαν τὴν 10ην π. μ. ὥραν. Εἰς τὴν ὥραν ἐκείνην ἐκλήθησαν οἱ νέοι ὑπουργοί.

Ὁ κ. Δηλιγιάννης μετέβη εἰς τὰ ἀνάκτορα καὶ παρουσιάσθη εἰς τὸν Βασιλέα ὅπως ἐν τῷ ἐνδιαφέροντι πρὸς ἀναφορὰν τῶν ἐκλογῶν ὑπουργῶν, μετὰ ταῦτα ἐγένετο ἡ ὁρκωμοσία.

Ἡ ὁρκωμοσία μετὰ τὸ τέλος ὅτι ἐγένετο ἐπὶ τῷ σχεδιασμῷ τοῦ ἐπιφανοῦς ἱεροῦ τῶν ἀνακτόρων.

ΕΙΣ ΤΑ ΑΝΑΚΤΟΡΑ

Ἕνεκα τῆς ὥραίας ἡμέρας πλῆθος κόσμου ἀπαρτιζόμενον τὴν πλατεῖαν τοῦ Συντάγματος καὶ εἰς τὴν ἀνθρωποσειρὰν τὴν πρὸ τῶν Ἀνακτόρων περίπου πλῆθος τῶν 200 μεγάλων καταστημάτων. Ἡ σειρὰ τῶν ἀμαξῶν τῶν ὑπουργῶν ἔφθασε τὴν ὥραν τῆς ὁρκωμοσίας.

Ἡ σειρὰ τῶν ἁμαξῶν τῶν ὑπουργῶν τοῦ κ. Δηλιγιάννη ἔφθασε μετὰ τὴν πλατεῖαν τῶν Ἀνακτόρων, ἐπὶ τῆς ὁποίας ἐπερίμενε πλῆθος κόσμου διὰ τὴν νέαν κυβέρνησιν.

ΕΙΣ ΤΗΝ ΑΙΘΟΥΣΑΝ ΤΟΥ ΘΡΟΝΟΥ

Ἀφοῦ παρῆλθον μετὰ τῶν ἐκεῖ ὑπουργῶν εἰς τὴν αἴθουσαν τοῦ Θρόνου, τοῦ πρωθυπουργοῦ ἐξελθόντος, κατέλαβεν ἕκαστος τὴν θέσιν του.

ρον τῆς Γαλλικῆς Δημοκρατίας καὶ ὁ Μητροπολίτης Ἀθηνῶν κ. Θεόκλητος.

Η ΟΡΚΩΜΟΣΙΑ

Ἡ ὁρκωμοσία ἐτελέσθη κατὰ τὸν ἑξῆς τρόπον. Εἰς τὴν αἴθουσαν τοῦ Θρόνου παρουσιάσθησαν πρῶτον ὁ Βασιλεύς, ὁ Σεβ. Μητροπολίτης, ὁ τέως Πρωθυπουργὸς κ. Ζαΐμης καὶ ὁ νέος κ. Δηλιγιάννης. Οἱ λοιποὶ ὑπουργοὶ κ.κ. Α. Σκουζές, Ῥώμας, Μαυρομιχάλης, καὶ Λυμπρίτης παρέμειναν εἰς ἄλλην παραπλεύρως αἴθουσαν.

Ἐνώπιον τοῦ Βασιλέως καὶ τοῦ Σεβ. Μητροπολίτου ὁ κ. Δηλιγιάννης ὑπέγραψε τὸ πρωτόκολλον, τὸ ὁποῖον ἦτο καθ' ὅλα ἐξαιτεῖ ἀπὸ τὸ ὁποῖον συνυπέγραψε καὶ ὁ κ. Ζαΐμης. Μετὰ ταῦτα ὁ κ. Δηλιγιάννης ἔδωκε τὸν νενομισμένον ὅρκον, τὸν ὁποῖον ἀπήγγειλεν ὁ Σεβ. Μητροπολίτης.

Ὁ κ. Ζαΐμης ἀντήλλαξε τυπικοὺς χαιρετισμοὺς μετὰ τοῦ κ. Δηλιγιάννη καὶ ἀπῆλθεν.

Ἀμέσως μετὰ τοῦτο εἰσήχθησαν οἱ λοιποὶ ὑπουργοὶ.

Ὁ Σ. Μητροπολίτης ἀπήγγειλεν ἀμέσως τὸν ὅρκον, ὅν δὲ ὑπουργοὶ ἐπεῖχον τὴν ἴδια αὐτοῦ.

ΤΑ ΣΥΓΧΑΡΗΤΗΡΙΑ ΤΟΥ ΒΑΣΙΛΕΩΣ

Μετὰ τὴν περαίωσιν τῆς ὁρκωμοσίας ἡ Α. Μ. ὁ Βασιλεὺς προσφωνήσας ἐχαιρέτησεν ὅλους τοὺς ὑπουργούς.

ΤΑ ΣΥΓΧΑΡΗΤΗΡΙΑ ΤΩΝ ΑΥΛΙΚΩΝ

Τὴν 10ην καὶ 20 λεπτὰ ὁ κ. Δηλιγιάννης ἀκολουθούμενος ὑπὸ τῶν ὑπουργῶν ἐξῆλθε τῶν ἀνακτόρων.

ΑΝΑΧΩΡΗΣΙΣ ΤΩΝ κ.κ. ΥΠΟΥΡΓΩΝ

Πρῶτος ἀνεχώρησεν ἐκεῖ τῆς ἁμάξης τοῦ ὁ ὑπουργὸς τῆς Παιδείας κ. Ῥώμας.

ΣΥΝΕΡΓΑΣΙΑ ΜΕΤΑ ΤΟΥ ΒΑΣΙΛΕΩΣ

Ἐν τῷ μεταξὺ ὁ κ. Δηλιγιάννης εἰσῆλθεν εἰς τὰ ἰδιαίτερα γραφεῖα τοῦ Βασιλέως τοῦ κάτω πατώματος καὶ συνεργάσθη μετ' αὐτοῦ.

ΑΙ ΖΗΤΩΚΡΑΥΓΑΙ

Ὁ κ. Δηλιγιάννης ἀφοῦ ἀπεχώρισε τῶν ἀνακτόρων, ὁ λαὸς τὸν ἐχαιρέτισε μὲ ζητωκραυγάς.

ΕΙΣ ΤΟ ΥΠΟΥΡΓΕΙΟΝ ΤΩΝ ΟΙΚΟΝΟΜΙΚΩΝ

Ἐκ τῶν Ἀνακτόρων ὁ κ. Δηλιγιάννης κατηυθύνθη εἰς τὸ Ὑπουργεῖον τοῦ Θρόνου.
